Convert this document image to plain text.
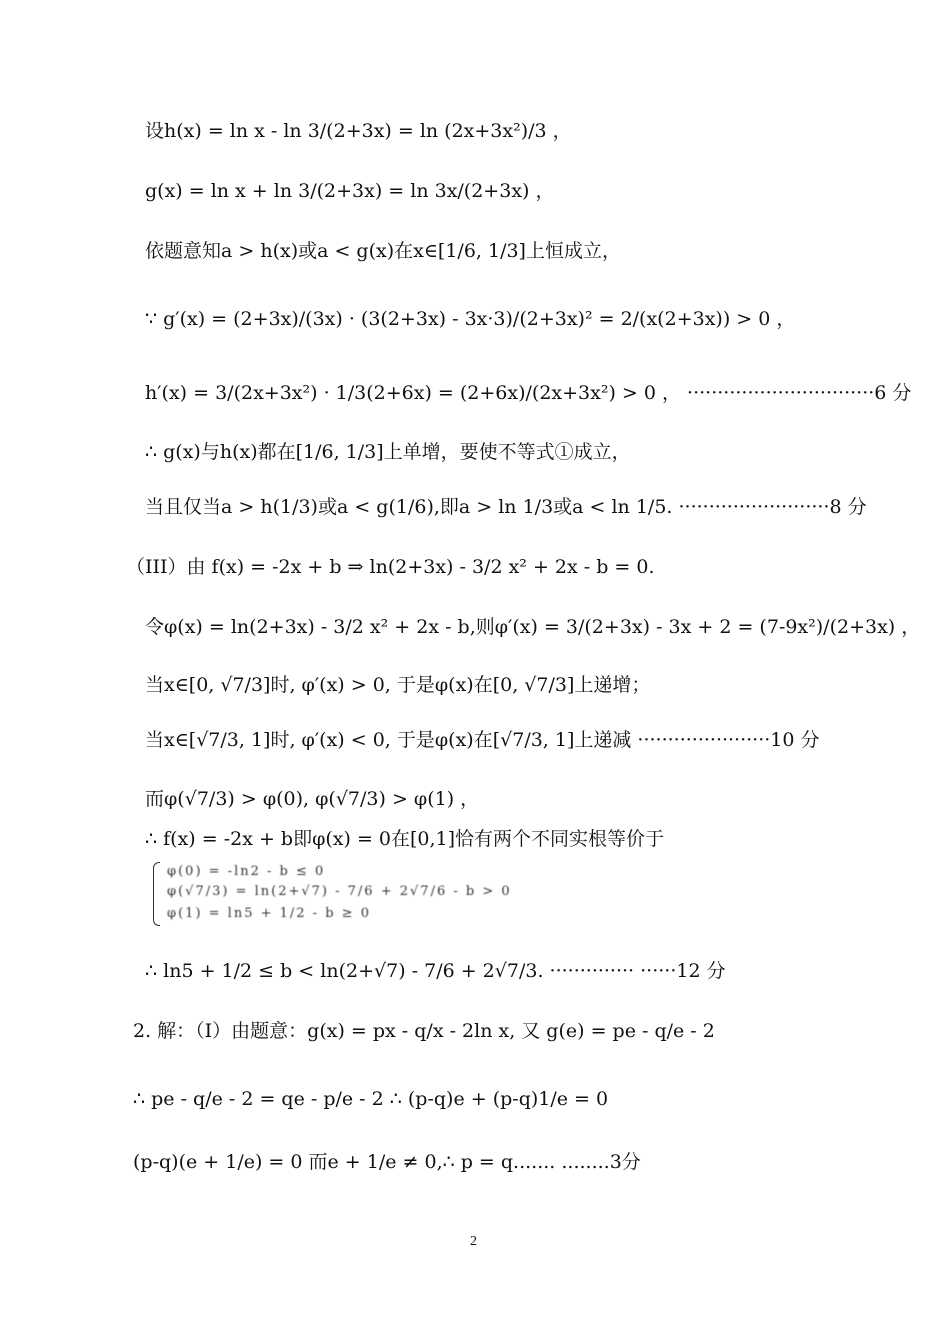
设h(x) = ln x - ln 3/(2+3x) = ln (2x+3x²)/3 ，
g(x) = ln x + ln 3/(2+3x) = ln 3x/(2+3x) ，
依题意知a > h(x)或a < g(x)在x∈[1/6, 1/3]上恒成立，
∵ g′(x) = (2+3x)/(3x) · (3(2+3x) - 3x·3)/(2+3x)² = 2/(x(2+3x)) > 0 ，
h′(x) = 3/(2x+3x²) · 1/3(2+6x) = (2+6x)/(2x+3x²) > 0 ， ·······························6 分
∴ g(x)与h(x)都在[1/6, 1/3]上单增，要使不等式①成立，
当且仅当a > h(1/3)或a < g(1/6),即a > ln 1/3或a < ln 1/5. ·························8 分
（III）由 f(x) = -2x + b ⇒ ln(2+3x) - 3/2 x² + 2x - b = 0.
令φ(x) = ln(2+3x) - 3/2 x² + 2x - b,则φ′(x) = 3/(2+3x) - 3x + 2 = (7-9x²)/(2+3x) ，
当x∈[0, √7/3]时, φ′(x) > 0, 于是φ(x)在[0, √7/3]上递增；
当x∈[√7/3, 1]时, φ′(x) < 0, 于是φ(x)在[√7/3, 1]上递减 ······················10 分
而φ(√7/3) > φ(0), φ(√7/3) > φ(1) ，
∴ f(x) = -2x + b即φ(x) = 0在[0,1]恰有两个不同实根等价于
φ(0) = -ln2 - b ≤ 0
φ(√7/3) = ln(2+√7) - 7/6 + 2√7/6 - b > 0
φ(1) = ln5 + 1/2 - b ≥ 0
∴ ln5 + 1/2 ≤ b < ln(2+√7) - 7/6 + 2√7/3. ·············· ······12 分
2. 解：（I）由题意：g(x) = px - q/x - 2ln x, 又 g(e) = pe - q/e - 2
∴ pe - q/e - 2 = qe - p/e - 2 ∴ (p-q)e + (p-q)1/e = 0
(p-q)(e + 1/e) = 0 而e + 1/e ≠ 0,∴ p = q....... ........3分
2
